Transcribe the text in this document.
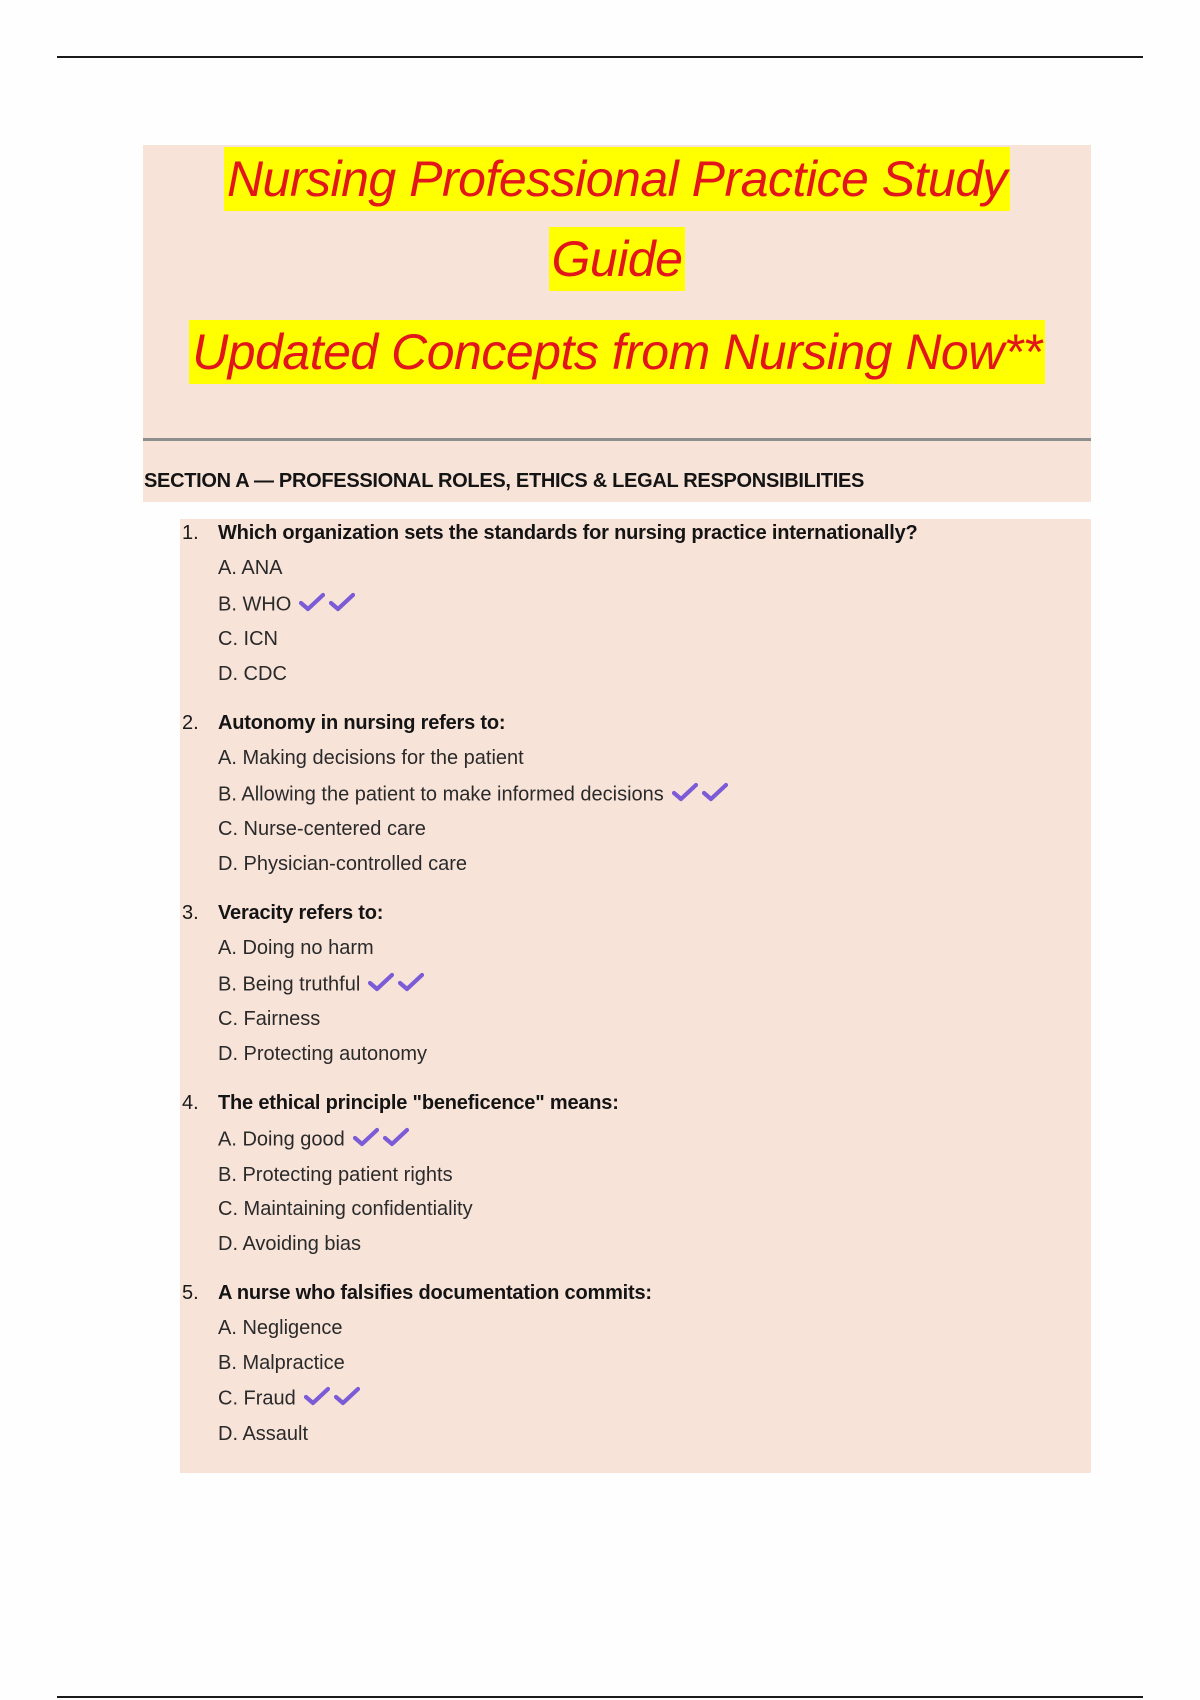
Nursing Professional Practice Study
Guide
Updated Concepts from Nursing Now**
SECTION A — PROFESSIONAL ROLES, ETHICS & LEGAL RESPONSIBILITIES
1. Which organization sets the standards for nursing practice internationally?
A. ANA
B. WHO
C. ICN
D. CDC
2. Autonomy in nursing refers to:
A. Making decisions for the patient
B. Allowing the patient to make informed decisions
C. Nurse-centered care
D. Physician-controlled care
3. Veracity refers to:
A. Doing no harm
B. Being truthful
C. Fairness
D. Protecting autonomy
4. The ethical principle "beneficence" means:
A. Doing good
B. Protecting patient rights
C. Maintaining confidentiality
D. Avoiding bias
5. A nurse who falsifies documentation commits:
A. Negligence
B. Malpractice
C. Fraud
D. Assault
